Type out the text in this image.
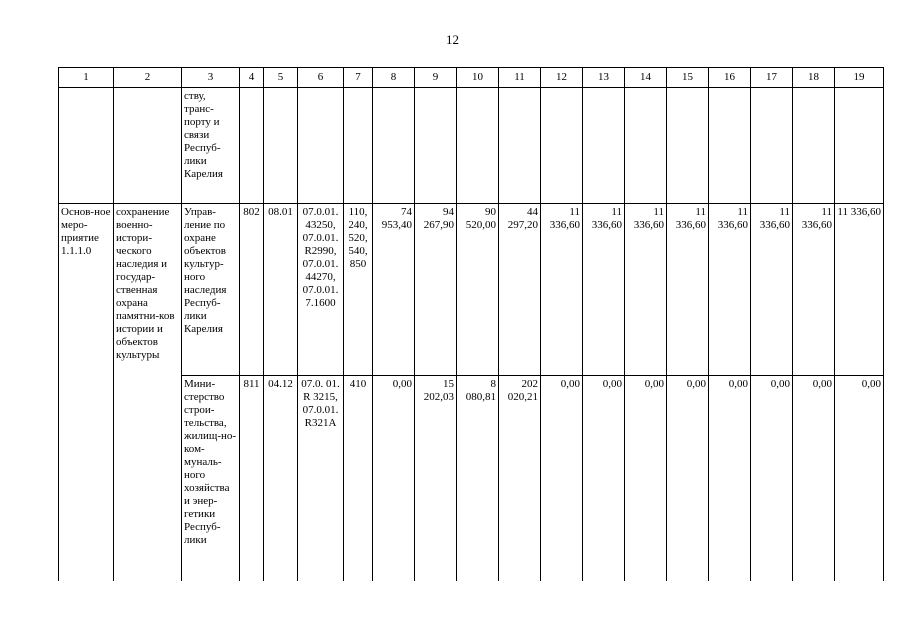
12
1	2	3	4	5	6	7	8	9	10	11	12	13	14	15	16	17	18	19
		ству, транс-порту и связи Респуб-лики Карелия																
Основ-ное меро-приятие 1.1.1.0	сохранение военно-истори-ческого наследия и государ-ственная охрана памятни-ков истории и объектов культуры	Управ-ление по охране объектов культур-ного наследия Респуб-лики Карелия	802	08.01	07.0.01. 43250, 07.0.01. R2990, 07.0.01. 44270, 07.0.01. 7.1600	110, 240, 520, 540, 850	74 953,40	94 267,90	90 520,00	44 297,20	11 336,60	11 336,60	11 336,60	11 336,60	11 336,60	11 336,60	11 336,60	11 336,60
		Мини-стерство строи-тельства, жилищ-но-ком-муналь-ного хозяйства и энер-гетики Респуб-лики	811	04.12	07.0. 01. R 3215, 07.0.01. R321A	410	0,00	15 202,03	8 080,81	202 020,21	0,00	0,00	0,00	0,00	0,00	0,00	0,00	0,00
